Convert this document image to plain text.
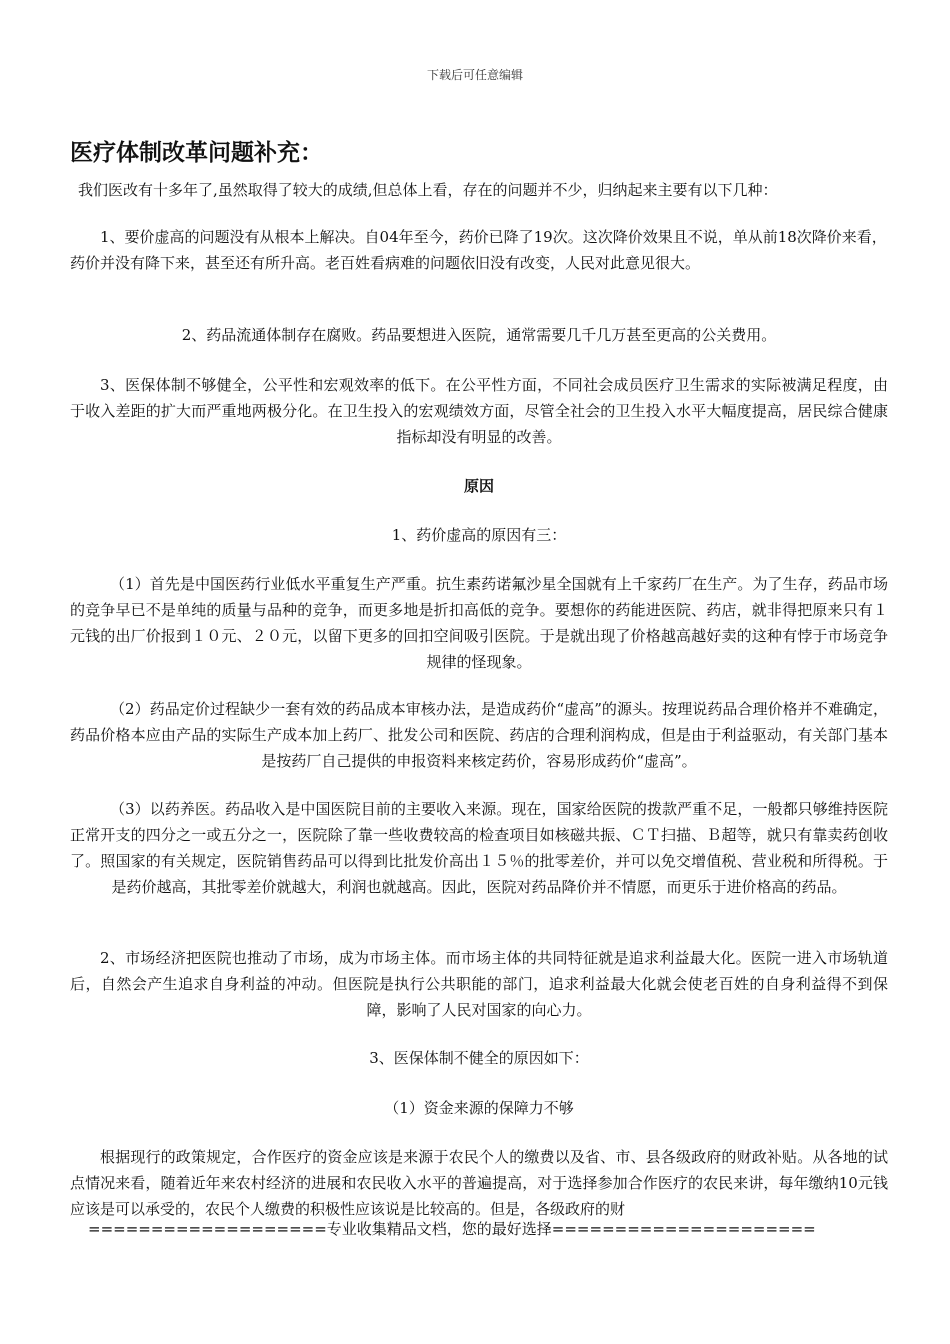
下载后可任意编辑
医疗体制改革问题补充：

我们医改有十多年了,虽然取得了较大的成绩,但总体上看，存在的问题并不少，归纳起来主要有以下几种：

1、要价虚高的问题没有从根本上解决。自04年至今，药价已降了19次。这次降价效果且不说，单从前18次降价来看，药价并没有降下来，甚至还有所升高。老百姓看病难的问题依旧没有改变，人民对此意见很大。

2、药品流通体制存在腐败。药品要想进入医院，通常需要几千几万甚至更高的公关费用。

3、医保体制不够健全，公平性和宏观效率的低下。在公平性方面，不同社会成员医疗卫生需求的实际被满足程度，由于收入差距的扩大而严重地两极分化。在卫生投入的宏观绩效方面，尽管全社会的卫生投入水平大幅度提高，居民综合健康指标却没有明显的改善。

原因

1、药价虚高的原因有三：

（1）首先是中国医药行业低水平重复生产严重。抗生素药诺氟沙星全国就有上千家药厂在生产。为了生存，药品市场的竞争早已不是单纯的质量与品种的竞争，而更多地是折扣高低的竞争。要想你的药能进医院、药店，就非得把原来只有１元钱的出厂价报到１０元、２０元，以留下更多的回扣空间吸引医院。于是就出现了价格越高越好卖的这种有悖于市场竞争规律的怪现象。

（2）药品定价过程缺少一套有效的药品成本审核办法，是造成药价“虚高”的源头。按理说药品合理价格并不难确定，药品价格本应由产品的实际生产成本加上药厂、批发公司和医院、药店的合理利润构成，但是由于利益驱动，有关部门基本是按药厂自己提供的申报资料来核定药价，容易形成药价“虚高”。

（3）以药养医。药品收入是中国医院目前的主要收入来源。现在，国家给医院的拨款严重不足，一般都只够维持医院正常开支的四分之一或五分之一，医院除了靠一些收费较高的检查项目如核磁共振、ＣＴ扫描、Ｂ超等，就只有靠卖药创收了。照国家的有关规定，医院销售药品可以得到比批发价高出１５％的批零差价，并可以免交增值税、营业税和所得税。于是药价越高，其批零差价就越大，利润也就越高。因此，医院对药品降价并不情愿，而更乐于进价格高的药品。

2、市场经济把医院也推动了市场，成为市场主体。而市场主体的共同特征就是追求利益最大化。医院一进入市场轨道后，自然会产生追求自身利益的冲动。但医院是执行公共职能的部门，追求利益最大化就会使老百姓的自身利益得不到保障，影响了人民对国家的向心力。

3、医保体制不健全的原因如下：

（1）资金来源的保障力不够

根据现行的政策规定，合作医疗的资金应该是来源于农民个人的缴费以及省、市、县各级政府的财政补贴。从各地的试点情况来看，随着近年来农村经济的进展和农民收入水平的普遍提高，对于选择参加合作医疗的农民来讲，每年缴纳10元钱应该是可以承受的，农民个人缴费的积极性应该说是比较高的。但是，各级政府的财

===================专业收集精品文档，您的最好选择=====================
